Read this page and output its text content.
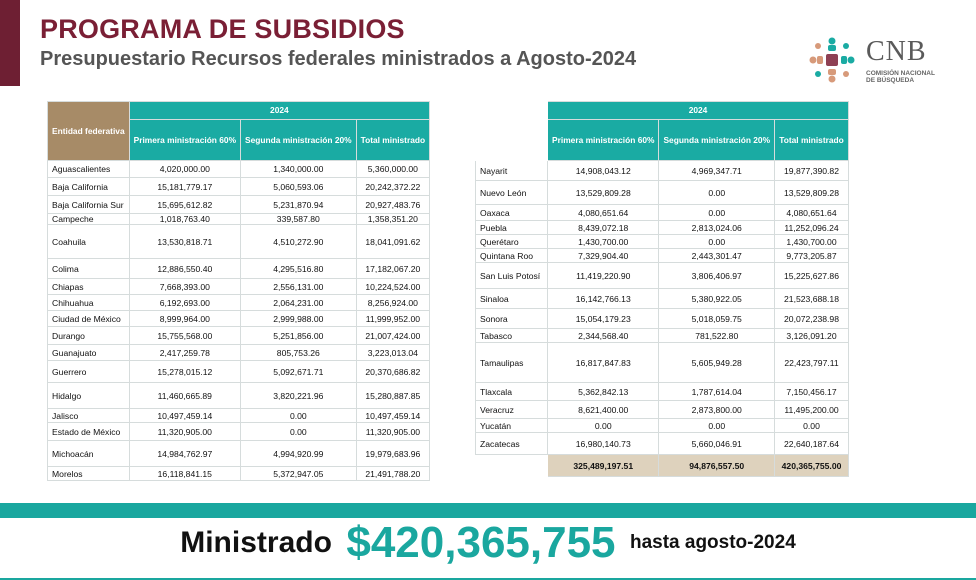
PROGRAMA DE SUBSIDIOS
Presupuestario Recursos federales ministrados a Agosto-2024	CNB
COMISIÓN NACIONAL
DE BÚSQUEDA
Entidad federativa	2024		
	Primera ministración 60%	Segunda ministración 20%	Total ministrado
Aguascalientes	4,020,000.00	1,340,000.00	5,360,000.00
Baja California	15,181,779.17	5,060,593.06	20,242,372.22
Baja California Sur	15,695,612.82	5,231,870.94	20,927,483.76
Campeche	1,018,763.40	339,587.80	1,358,351.20
Coahuila	13,530,818.71	4,510,272.90	18,041,091.62
Colima	12,886,550.40	4,295,516.80	17,182,067.20
Chiapas	7,668,393.00	2,556,131.00	10,224,524.00
Chihuahua	6,192,693.00	2,064,231.00	8,256,924.00
Ciudad de México	8,999,964.00	2,999,988.00	11,999,952.00
Durango	15,755,568.00	5,251,856.00	21,007,424.00
Guanajuato	2,417,259.78	805,753.26	3,223,013.04
Guerrero	15,278,015.12	5,092,671.71	20,370,686.82
Hidalgo	11,460,665.89	3,820,221.96	15,280,887.85
Jalisco	10,497,459.14	0.00	10,497,459.14
Estado de México	11,320,905.00	0.00	11,320,905.00
Michoacán	14,984,762.97	4,994,920.99	19,979,683.96
Morelos	16,118,841.15	5,372,947.05	21,491,788.20
	2024		
	Primera ministración 60%	Segunda ministración 20%	Total ministrado
Nayarit	14,908,043.12	4,969,347.71	19,877,390.82
Nuevo León	13,529,809.28	0.00	13,529,809.28
Oaxaca	4,080,651.64	0.00	4,080,651.64
Puebla	8,439,072.18	2,813,024.06	11,252,096.24
Querétaro	1,430,700.00	0.00	1,430,700.00
Quintana Roo	7,329,904.40	2,443,301.47	9,773,205.87
San Luis Potosí	11,419,220.90	3,806,406.97	15,225,627.86
Sinaloa	16,142,766.13	5,380,922.05	21,523,688.18
Sonora	15,054,179.23	5,018,059.75	20,072,238.98
Tabasco	2,344,568.40	781,522.80	3,126,091.20
Tamaulipas	16,817,847.83	5,605,949.28	22,423,797.11
Tlaxcala	5,362,842.13	1,787,614.04	7,150,456.17
Veracruz	8,621,400.00	2,873,800.00	11,495,200.00
Yucatán	0.00	0.00	0.00
Zacatecas	16,980,140.73	5,660,046.91	22,640,187.64
	325,489,197.51	94,876,557.50	420,365,755.00
Ministrado $420,365,755 hasta agosto-2024
